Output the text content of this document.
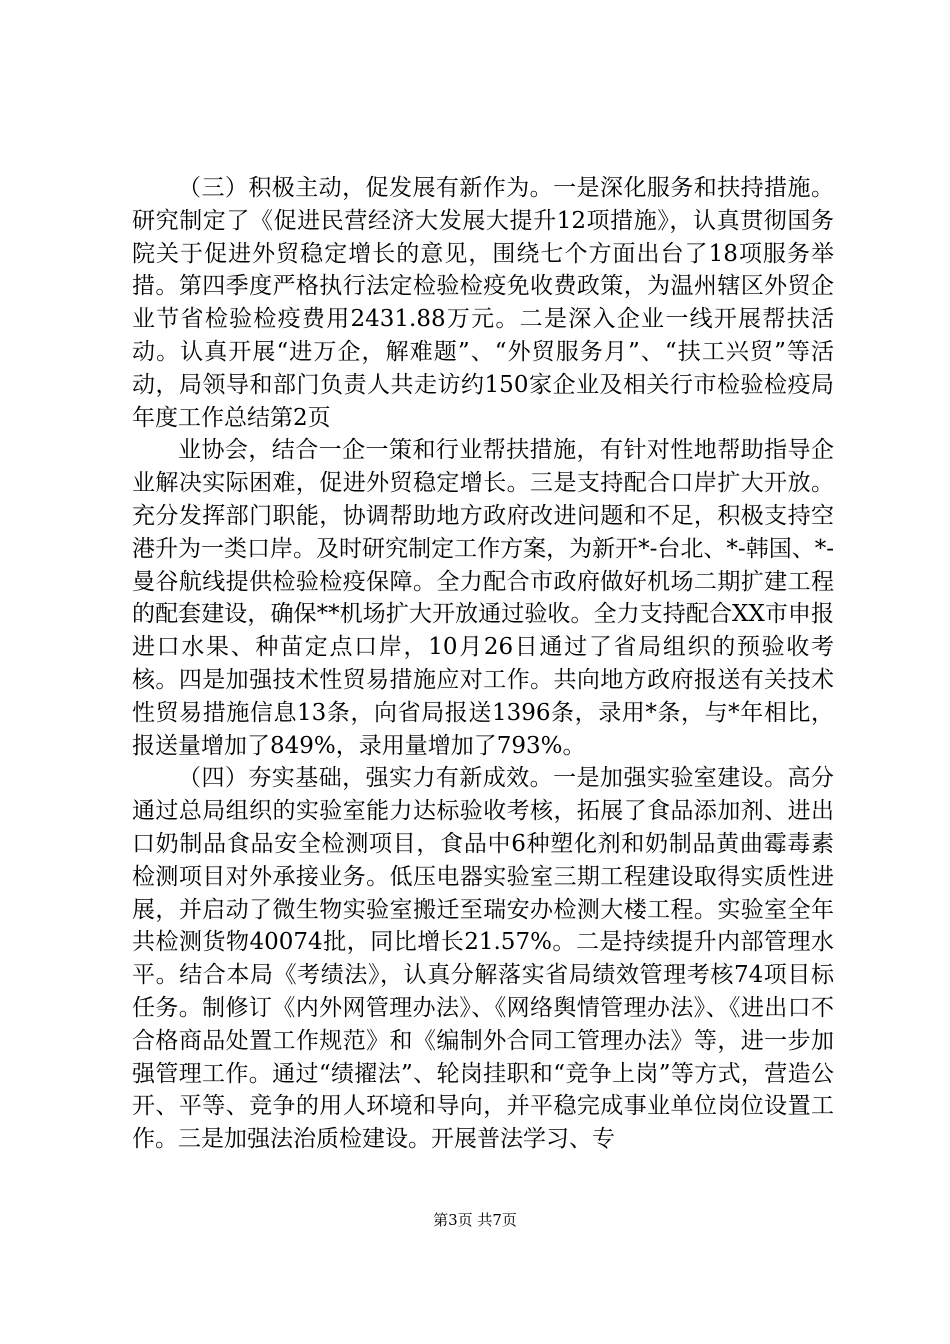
（三）积极主动，促发展有新作为。一是深化服务和扶持措施。研究制定了《促进民营经济大发展大提升12项措施》，认真贯彻国务院关于促进外贸稳定增长的意见，围绕七个方面出台了18项服务举措。第四季度严格执行法定检验检疫免收费政策，为温州辖区外贸企业节省检验检疫费用2431.88万元。二是深入企业一线开展帮扶活动。认真开展“进万企，解难题”、“外贸服务月”、“扶工兴贸”等活动，局领导和部门负责人共走访约150家企业及相关行市检验检疫局年度工作总结第2页

业协会，结合一企一策和行业帮扶措施，有针对性地帮助指导企业解决实际困难，促进外贸稳定增长。三是支持配合口岸扩大开放。充分发挥部门职能，协调帮助地方政府改进问题和不足，积极支持空港升为一类口岸。及时研究制定工作方案，为新开*-台北、*-韩国、*-曼谷航线提供检验检疫保障。全力配合市政府做好机场二期扩建工程的配套建设，确保**机场扩大开放通过验收。全力支持配合XX市申报进口水果、种苗定点口岸，10月26日通过了省局组织的预验收考核。四是加强技术性贸易措施应对工作。共向地方政府报送有关技术性贸易措施信息13条，向省局报送1396条，录用*条，与*年相比，报送量增加了849%，录用量增加了793%。

（四）夯实基础，强实力有新成效。一是加强实验室建设。高分通过总局组织的实验室能力达标验收考核，拓展了食品添加剂、进出口奶制品食品安全检测项目，食品中6种塑化剂和奶制品黄曲霉毒素检测项目对外承接业务。低压电器实验室三期工程建设取得实质性进展，并启动了微生物实验室搬迁至瑞安办检测大楼工程。实验室全年共检测货物40074批，同比增长21.57%。二是持续提升内部管理水平。结合本局《考绩法》，认真分解落实省局绩效管理考核74项目标任务。制修订《内外网管理办法》、《网络舆情管理办法》、《进出口不合格商品处置工作规范》和《编制外合同工管理办法》等，进一步加强管理工作。通过“绩擢法”、轮岗挂职和“竞争上岗”等方式，营造公开、平等、竞争的用人环境和导向，并平稳完成事业单位岗位设置工作。三是加强法治质检建设。开展普法学习、专

第3页 共7页
